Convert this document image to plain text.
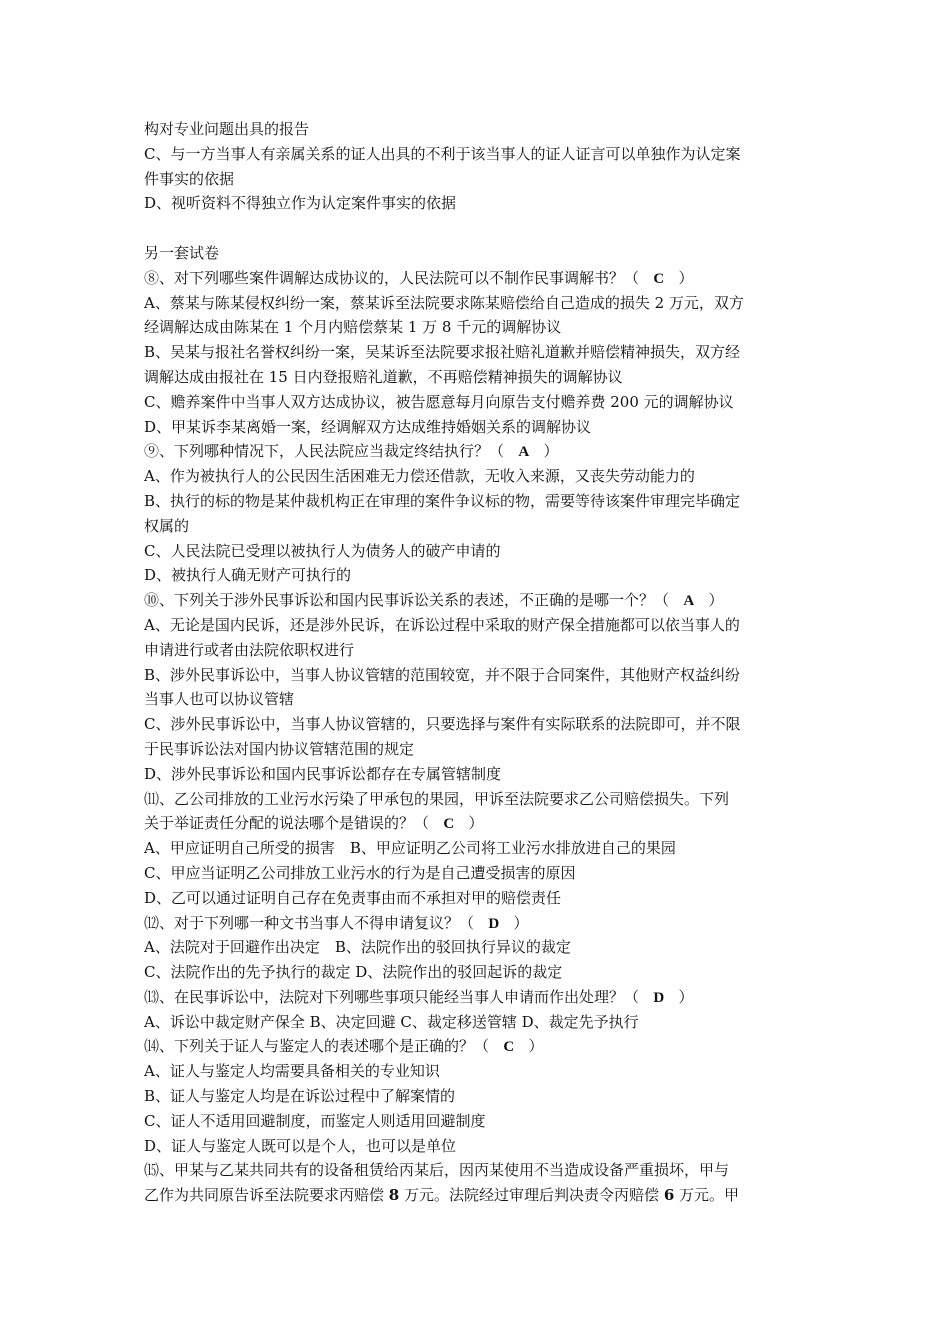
构对专业问题出具的报告
C、与一方当事人有亲属关系的证人出具的不利于该当事人的证人证言可以单独作为认定案
件事实的依据
D、视听资料不得独立作为认定案件事实的依据
另一套试卷
⑧、对下列哪些案件调解达成协议的，人民法院可以不制作民事调解书？（ C ）
A、蔡某与陈某侵权纠纷一案，蔡某诉至法院要求陈某赔偿给自己造成的损失 2 万元，双方
经调解达成由陈某在 1 个月内赔偿蔡某 1 万 8 千元的调解协议
B、吴某与报社名誉权纠纷一案，吴某诉至法院要求报社赔礼道歉并赔偿精神损失，双方经
调解达成由报社在 15 日内登报赔礼道歉，不再赔偿精神损失的调解协议
C、赡养案件中当事人双方达成协议，被告愿意每月向原告支付赡养费 200 元的调解协议
D、甲某诉李某离婚一案，经调解双方达成维持婚姻关系的调解协议
⑨、下列哪种情况下，人民法院应当裁定终结执行？（ A ）
A、作为被执行人的公民因生活困难无力偿还借款，无收入来源，又丧失劳动能力的
B、执行的标的物是某仲裁机构正在审理的案件争议标的物，需要等待该案件审理完毕确定
权属的
C、人民法院已受理以被执行人为债务人的破产申请的
D、被执行人确无财产可执行的
⑩、下列关于涉外民事诉讼和国内民事诉讼关系的表述，不正确的是哪一个？（ A ）
A、无论是国内民诉，还是涉外民诉，在诉讼过程中采取的财产保全措施都可以依当事人的
申请进行或者由法院依职权进行
B、涉外民事诉讼中，当事人协议管辖的范围较宽，并不限于合同案件，其他财产权益纠纷
当事人也可以协议管辖
C、涉外民事诉讼中，当事人协议管辖的，只要选择与案件有实际联系的法院即可，并不限
于民事诉讼法对国内协议管辖范围的规定
D、涉外民事诉讼和国内民事诉讼都存在专属管辖制度
⑾、乙公司排放的工业污水污染了甲承包的果园，甲诉至法院要求乙公司赔偿损失。下列
关于举证责任分配的说法哪个是错误的？（ C ）
A、甲应证明自己所受的损害　B、甲应证明乙公司将工业污水排放进自己的果园
C、甲应当证明乙公司排放工业污水的行为是自己遭受损害的原因
D、乙可以通过证明自己存在免责事由而不承担对甲的赔偿责任
⑿、对于下列哪一种文书当事人不得申请复议？（ D ）
A、法院对于回避作出决定　B、法院作出的驳回执行异议的裁定
C、法院作出的先予执行的裁定 D、法院作出的驳回起诉的裁定
⒀、在民事诉讼中，法院对下列哪些事项只能经当事人申请而作出处理？（ D ）
A、诉讼中裁定财产保全 B、决定回避 C、裁定移送管辖 D、裁定先予执行
⒁、下列关于证人与鉴定人的表述哪个是正确的？（ C ）
A、证人与鉴定人均需要具备相关的专业知识
B、证人与鉴定人均是在诉讼过程中了解案情的
C、证人不适用回避制度，而鉴定人则适用回避制度
D、证人与鉴定人既可以是个人，也可以是单位
⒂、甲某与乙某共同共有的设备租赁给丙某后，因丙某使用不当造成设备严重损坏，甲与
乙作为共同原告诉至法院要求丙赔偿 8 万元。法院经过审理后判决责令丙赔偿 6 万元。甲
